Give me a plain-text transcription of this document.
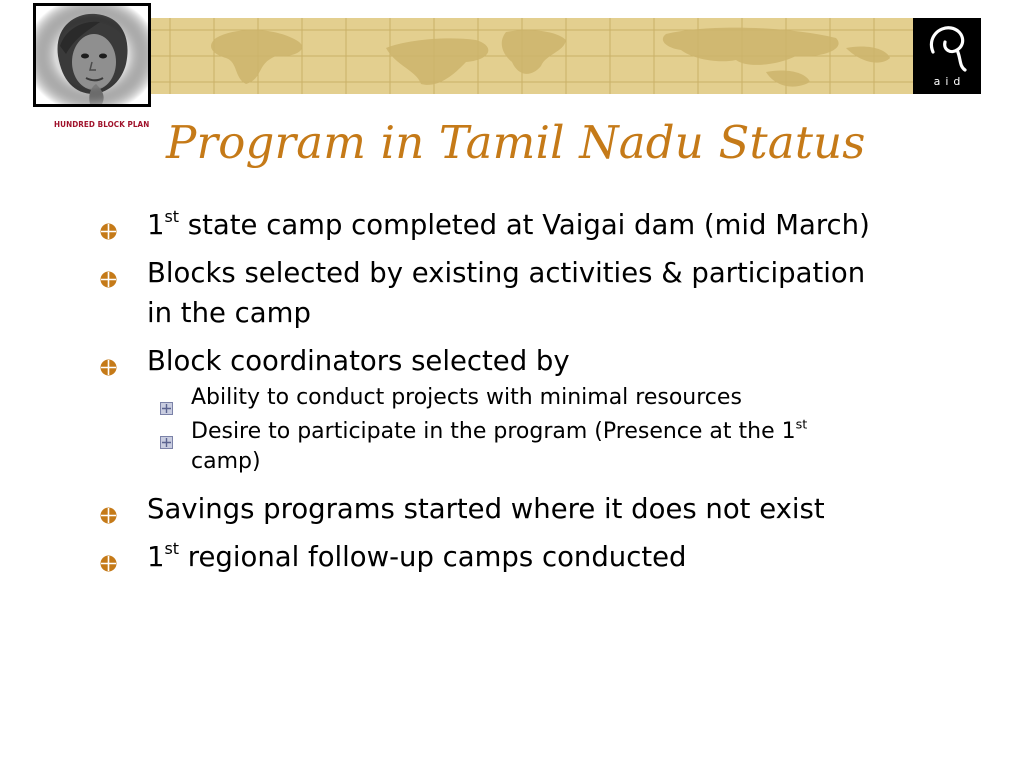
HUNDRED BLOCK PLAN
aid
Program in Tamil Nadu Status
1st state camp completed at Vaigai dam (mid March)
Blocks selected by existing activities & participation
in the camp
Block coordinators selected by
Ability to conduct projects with minimal resources
Desire to participate in the program (Presence at the 1st
camp)
Savings programs started where it does not exist
1st regional follow-up camps conducted
